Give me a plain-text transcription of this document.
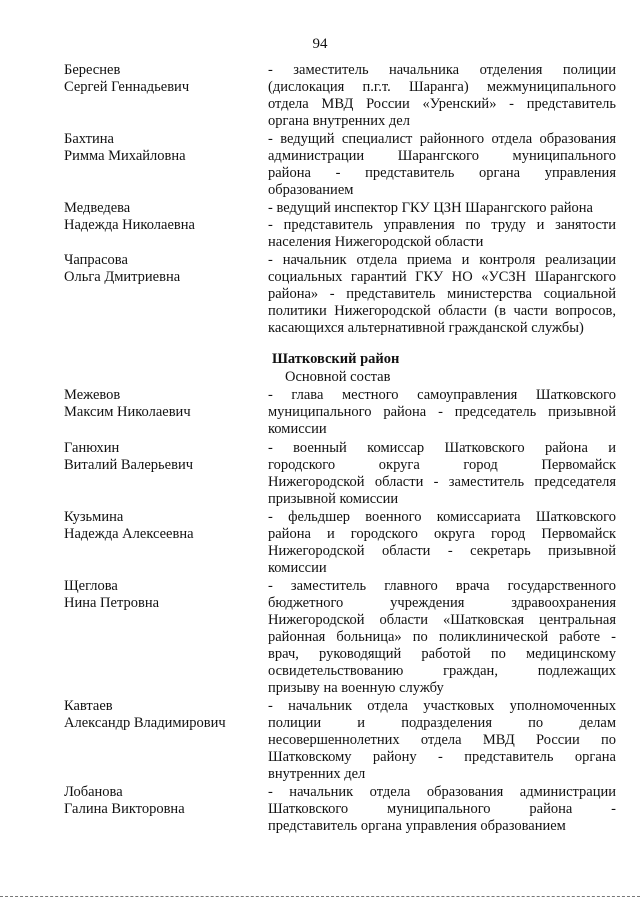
94
Береснев
Сергей Геннадьевич
- заместитель начальника отделения полиции
(дислокация п.г.т. Шаранга) межмуниципального
отдела МВД России «Уренский» - представитель
органа внутренних дел
Бахтина
Римма Михайловна
- ведущий специалист районного отдела образования
администрации Шарангского муниципального
района - представитель органа управления
образованием
Медведева
Надежда Николаевна
- ведущий инспектор ГКУ ЦЗН Шарангского района
- представитель управления по труду и занятости
населения Нижегородской области
Чапрасова
Ольга Дмитриевна
- начальник отдела приема и контроля реализации
социальных гарантий ГКУ НО «УСЗН Шарангского
района» - представитель министерства социальной
политики Нижегородской области (в части вопросов,
касающихся альтернативной гражданской службы)
Шатковский район
Основной состав
Межевов
Максим Николаевич
- глава местного самоуправления Шатковского
муниципального района - председатель призывной
комиссии
Ганюхин
Виталий Валерьевич
- военный комиссар Шатковского района и
городского округа город Первомайск
Нижегородской области - заместитель председателя
призывной комиссии
Кузьмина
Надежда Алексеевна
- фельдшер военного комиссариата Шатковского
района и городского округа город Первомайск
Нижегородской области - секретарь призывной
комиссии
Щеглова
Нина Петровна
- заместитель главного врача государственного
бюджетного учреждения здравоохранения
Нижегородской области «Шатковская центральная
районная больница» по поликлинической работе -
врач, руководящий работой по медицинскому
освидетельствованию граждан, подлежащих
призыву на военную службу
Кавтаев
Александр Владимирович
- начальник отдела участковых уполномоченных
полиции и подразделения по делам
несовершеннолетних отдела МВД России по
Шатковскому району - представитель органа
внутренних дел
Лобанова
Галина Викторовна
- начальник отдела образования администрации
Шатковского муниципального района -
представитель органа управления образованием
